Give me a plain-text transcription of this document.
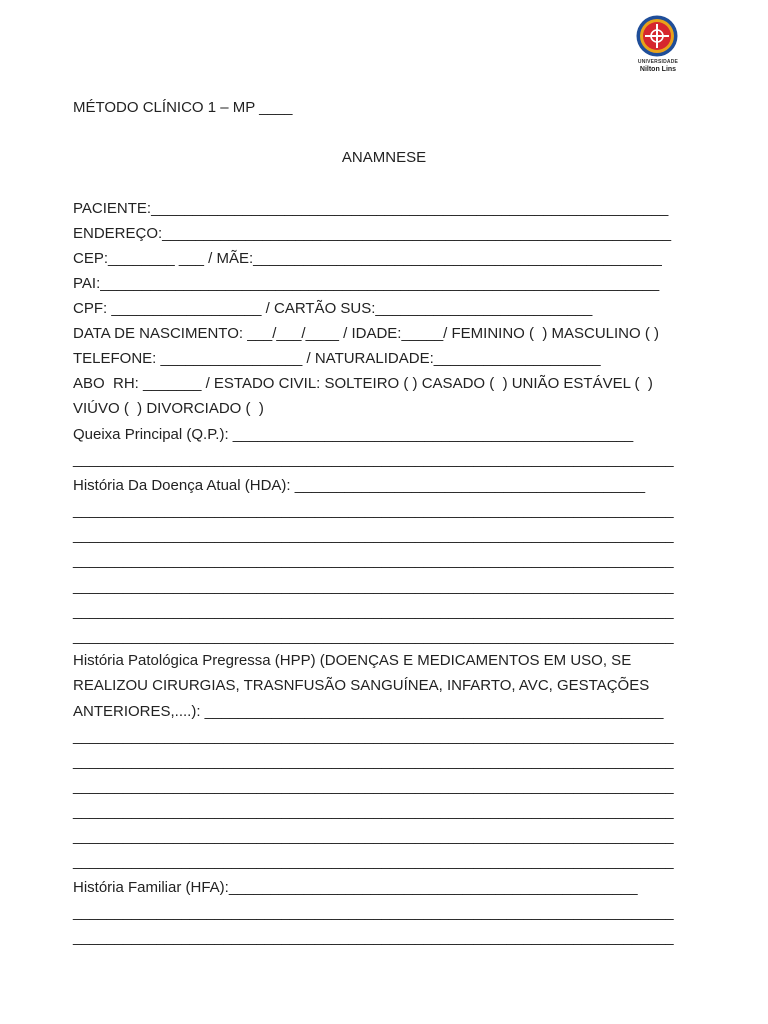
UNIVERSIDADE
Nilton Lins
MÉTODO CLÍNICO 1 – MP ____
ANAMNESE
PACIENTE:______________________________________________________________
ENDEREÇO:_____________________________________________________________
CEP:________ ___ / MÃE:_________________________________________________
PAI:___________________________________________________________________
CPF: __________________ / CARTÃO SUS:__________________________
DATA DE NASCIMENTO: ___/___/____ / IDADE:_____/ FEMININO (  ) MASCULINO ( )
TELEFONE: _________________ / NATURALIDADE:____________________
ABO  RH: _______ / ESTADO CIVIL: SOLTEIRO ( ) CASADO (  ) UNIÃO ESTÁVEL (  )
VIÚVO (  ) DIVORCIADO (  )
Queixa Principal (Q.P.): ________________________________________________
________________________________________________________________________
História Da Doença Atual (HDA): __________________________________________
________________________________________________________________________
________________________________________________________________________
________________________________________________________________________
________________________________________________________________________
________________________________________________________________________
________________________________________________________________________
História Patológica Pregressa (HPP) (DOENÇAS E MEDICAMENTOS EM USO, SE
REALIZOU CIRURGIAS, TRASNFUSÃO SANGUÍNEA, INFARTO, AVC, GESTAÇÕES
ANTERIORES,....): _______________________________________________________
________________________________________________________________________
________________________________________________________________________
________________________________________________________________________
________________________________________________________________________
________________________________________________________________________
________________________________________________________________________
História Familiar (HFA):_________________________________________________
________________________________________________________________________
________________________________________________________________________
